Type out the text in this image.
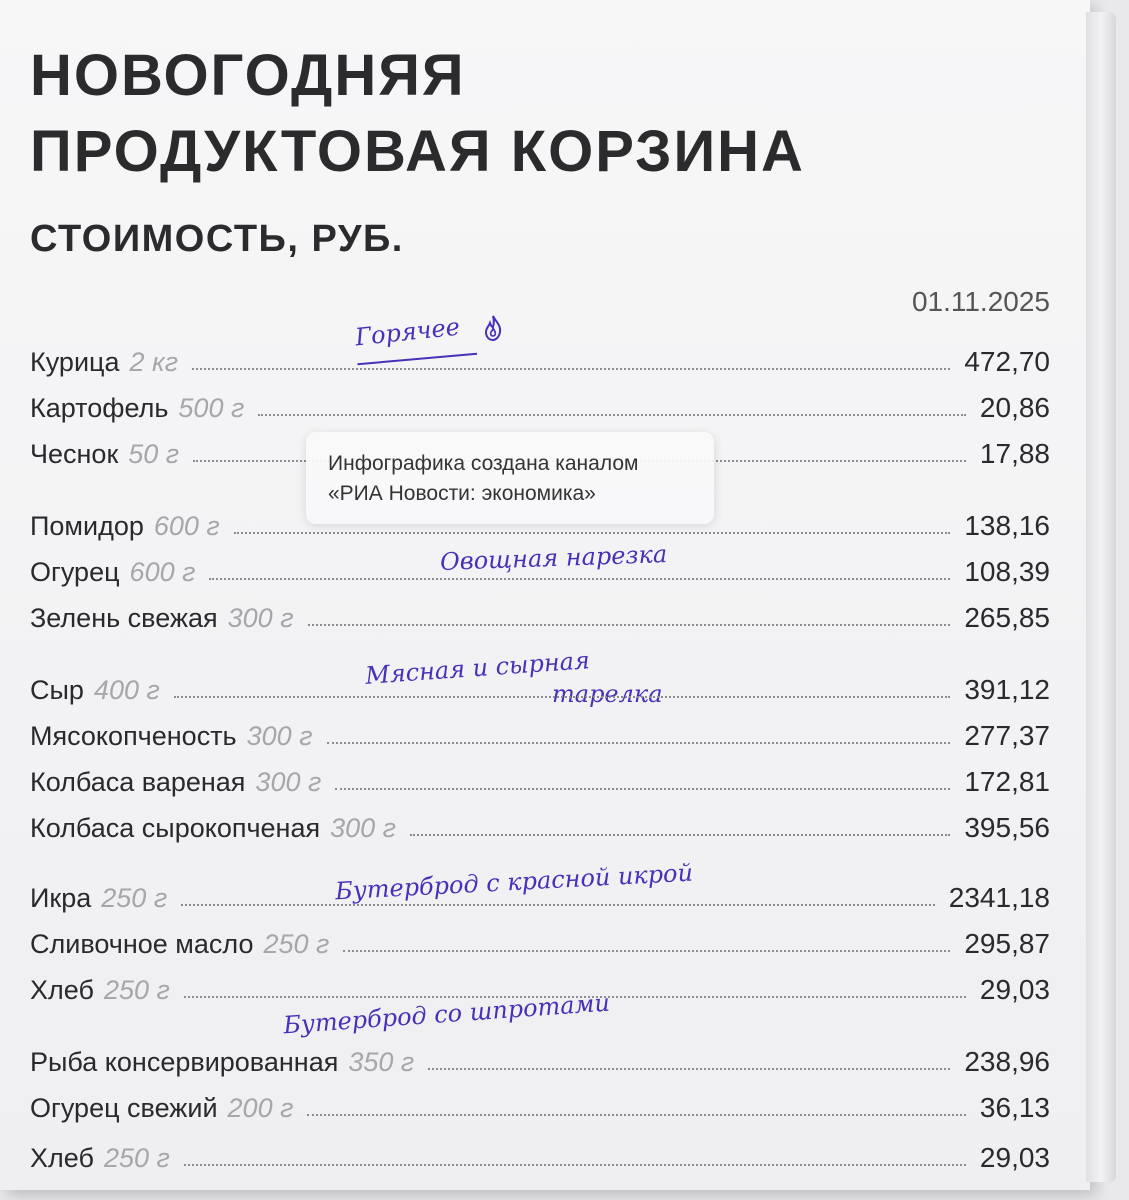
НОВОГОДНЯЯ
ПРОДУКТОВАЯ КОРЗИНА
СТОИМОСТЬ, РУБ.
01.11.2025
Горячее
Овощная нарезка
Мясная и сырная
тарелка
Бутерброд с красной икрой
Бутерброд со шпротами
Курица 2 кг	472,70
Картофель 500 г	20,86
Чеснок 50 г	17,88
Помидор 600 г	138,16
Огурец 600 г	108,39
Зелень свежая 300 г	265,85
Сыр 400 г	391,12
Мясокопченость 300 г	277,37
Колбаса вареная 300 г	172,81
Колбаса сырокопченая 300 г	395,56
Икра 250 г	2341,18
Сливочное масло 250 г	295,87
Хлеб 250 г	29,03
Рыба консервированная 350 г	238,96
Огурец свежий 200 г	36,13
Хлеб 250 г	29,03

Инфографика создана каналом

«РИА Новости: экономика»
